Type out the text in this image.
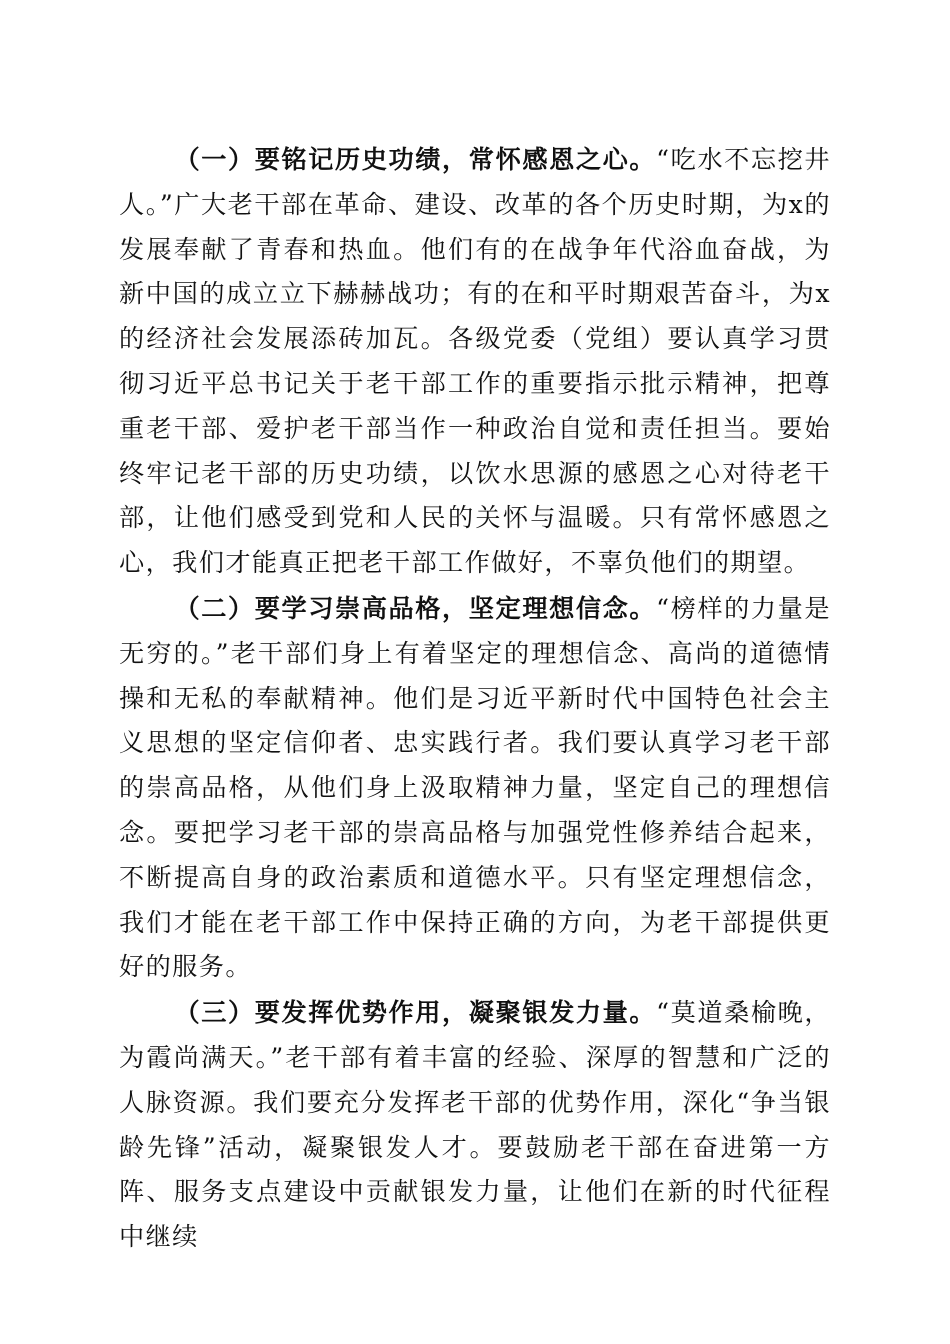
（一）要铭记历史功绩，常怀感恩之心。“吃水不忘挖井人。”广大老干部在革命、建设、改革的各个历史时期，为x的发展奉献了青春和热血。他们有的在战争年代浴血奋战，为新中国的成立立下赫赫战功；有的在和平时期艰苦奋斗，为x的经济社会发展添砖加瓦。各级党委（党组）要认真学习贯彻习近平总书记关于老干部工作的重要指示批示精神，把尊重老干部、爱护老干部当作一种政治自觉和责任担当。要始终牢记老干部的历史功绩，以饮水思源的感恩之心对待老干部，让他们感受到党和人民的关怀与温暖。只有常怀感恩之心，我们才能真正把老干部工作做好，不辜负他们的期望。

（二）要学习崇高品格，坚定理想信念。“榜样的力量是无穷的。”老干部们身上有着坚定的理想信念、高尚的道德情操和无私的奉献精神。他们是习近平新时代中国特色社会主义思想的坚定信仰者、忠实践行者。我们要认真学习老干部的崇高品格，从他们身上汲取精神力量，坚定自己的理想信念。要把学习老干部的崇高品格与加强党性修养结合起来，不断提高自身的政治素质和道德水平。只有坚定理想信念，我们才能在老干部工作中保持正确的方向，为老干部提供更好的服务。

（三）要发挥优势作用，凝聚银发力量。“莫道桑榆晚，为霞尚满天。”老干部有着丰富的经验、深厚的智慧和广泛的人脉资源。我们要充分发挥老干部的优势作用，深化“争当银龄先锋”活动，凝聚银发人才。要鼓励老干部在奋进第一方阵、服务支点建设中贡献银发力量，让他们在新的时代征程中继续
